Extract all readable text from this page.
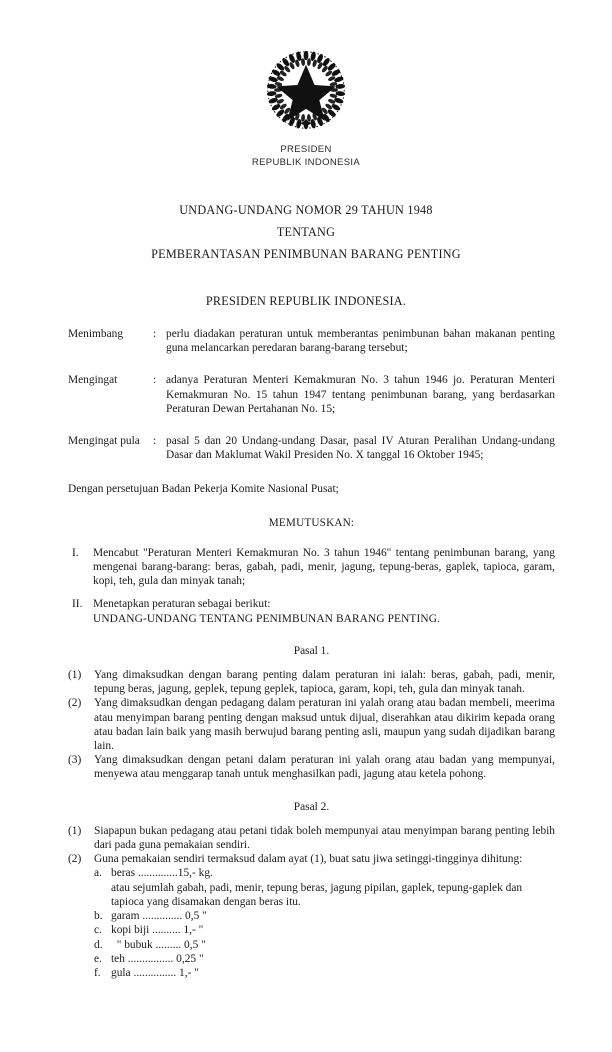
PRESIDEN
REPUBLIK INDONESIA
UNDANG-UNDANG NOMOR 29 TAHUN 1948
TENTANG
PEMBERANTASAN PENIMBUNAN BARANG PENTING
PRESIDEN REPUBLIK INDONESIA.
Menimbang	: perlu diadakan peraturan untuk memberantas penimbunan bahan makanan penting guna melancarkan peredaran barang-barang tersebut;
Mengingat	: adanya Peraturan Menteri Kemakmuran No. 3 tahun 1946 jo. Peraturan Menteri Kemakmuran No. 15 tahun 1947 tentang penimbunan barang, yang berdasarkan Peraturan Dewan Pertahanan No. 15;
Mengingat pula	: pasal 5 dan 20 Undang-undang Dasar, pasal IV Aturan Peralihan Undang-undang Dasar dan Maklumat Wakil Presiden No. X tanggal 16 Oktober 1945;
Dengan persetujuan Badan Pekerja Komite Nasional Pusat;
MEMUTUSKAN:
I.	Mencabut "Peraturan Menteri Kemakmuran No. 3 tahun 1946" tentang penimbunan barang, yang mengenai barang-barang: beras, gabah, padi, menir, jagung, tepung-beras, gaplek, tapioca, garam, kopi, teh, gula dan minyak tanah;
II. Menetapkan peraturan sebagai berikut:

UNDANG-UNDANG TENTANG PENIMBUNAN BARANG PENTING.

Pasal 1.
(1)	Yang dimaksudkan dengan barang penting dalam peraturan ini ialah: beras, gabah, padi, menir, tepung beras, jagung, geplek, tepung geplek, tapioca, garam, kopi, teh, gula dan minyak tanah.
(2)	Yang dimaksudkan dengan pedagang dalam peraturan ini yalah orang atau badan membeli, meerima atau menyimpan barang penting dengan maksud untuk dijual, diserahkan atau dikirim kepada orang atau badan lain baik yang masih berwujud barang penting asli, maupun yang sudah dijadikan barang lain.
(3)	Yang dimaksudkan dengan petani dalam peraturan ini yalah orang atau badan yang mempunyai, menyewa atau menggarap tanah untuk menghasilkan padi, jagung atau ketela pohong.
Pasal 2.
(1)	Siapapun bukan pedagang atau petani tidak boleh mempunyai atau menyimpan barang penting lebih dari pada guna pemakaian sendiri.
(2)	Guna pemakaian sendiri termaksud dalam ayat (1), buat satu jiwa setinggi-tingginya dihitung:
a. beras .............. 15,- kg.
atau sejumlah gabah, padi, menir, tepung beras, jagung pipilan, gaplek, tepung-gaplek dan tapioca yang disamakan dengan beras itu.
b. garam .............. 0,5 "
c. kopi biji .......... 1,- "
d. " bubuk ......... 0,5 "
e. teh ................ 0,25 "
f. gula ............... 1,- "
